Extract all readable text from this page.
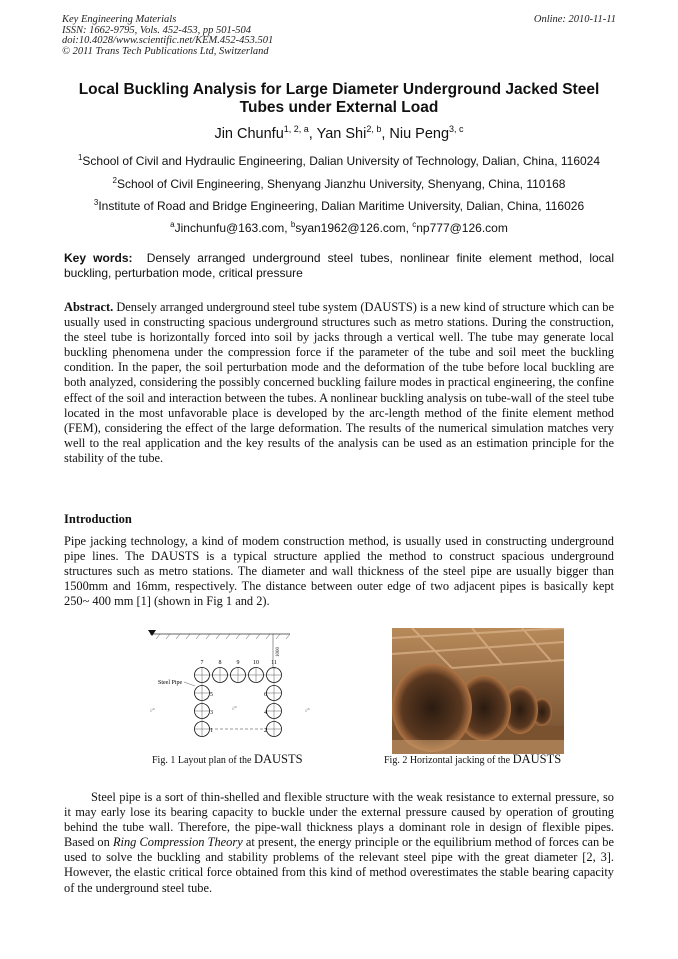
Key Engineering Materials
ISSN: 1662-9795, Vols. 452-453, pp 501-504
doi:10.4028/www.scientific.net/KEM.452-453.501
© 2011 Trans Tech Publications Ltd, Switzerland
Online: 2010-11-11
Local Buckling Analysis for Large Diameter Underground Jacked Steel
Tubes under External Load
Jin Chunfu$^{1, 2, a}$, Yan Shi$^{2, b}$, Niu Peng$^{3, c}$
$^1$School of Civil and Hydraulic Engineering, Dalian University of Technology, Dalian, China, 116024
$^2$School of Civil Engineering, Shenyang Jianzhu University, Shenyang, China, 110168
$^3$Institute of Road and Bridge Engineering, Dalian Maritime University, Dalian, China, 116026
$^a$Jinchunfu@163.com, $^b$syan1962@126.com, $^c$np777@126.com
Key words: Densely arranged underground steel tubes, nonlinear finite element method, local buckling, perturbation mode, critical pressure
Abstract. Densely arranged underground steel tube system (DAUSTS) is a new kind of structure which can be usually used in constructing spacious underground structures such as metro stations. During the construction, the steel tube is horizontally forced into soil by jacks through a vertical well. The tube may generate local buckling phenomena under the compression force if the parameter of the tube and soil meet the buckling condition. In the paper, the soil perturbation mode and the deformation of the tube before local buckling are both analyzed, considering the possibly concerned buckling failure modes in practical engineering, the confine effect of the soil and interaction between the tubes. A nonlinear buckling analysis on tube-wall of the steel tube located in the most unfavorable place is developed by the arc-length method of the finite element method (FEM), considering the effect of the large deformation. The results of the numerical simulation matches very well to the real application and the key results of the analysis can be used as an estimation principle for the stability of the tube.
Introduction
Pipe jacking technology, a kind of modem construction method, is usually used in constructing underground pipe lines. The DAUSTS is a typical structure applied the method to construct spacious underground structures such as metro stations. The diameter and wall thickness of the steel pipe are usually bigger than 1500mm and 16mm, respectively. The distance between outer edge of two adjacent pipes is basically kept 250~ 400 mm [1] (shown in Fig 1 and 2).
1000
7	8	9 10 11
5
3
1
6
4
2
Steel Pipe
//°	//°	//°
Fig. 1 Layout plan of the DAUSTS	Fig. 2 Horizontal jacking of the DAUSTS
Steel pipe is a sort of thin-shelled and flexible structure with the weak resistance to external pressure, so it may early lose its bearing capacity to buckle under the external pressure caused by operation of grouting behind the tube wall. Therefore, the pipe-wall thickness plays a dominant role in design of flexible pipes. Based on Ring Compression Theory at present, the energy principle or the equilibrium method of forces can be used to solve the buckling and stability problems of the relevant steel pipe with the great diameter [2, 3]. However, the elastic critical force obtained from this kind of method overestimates the stable bearing capacity of the underground steel tube.
